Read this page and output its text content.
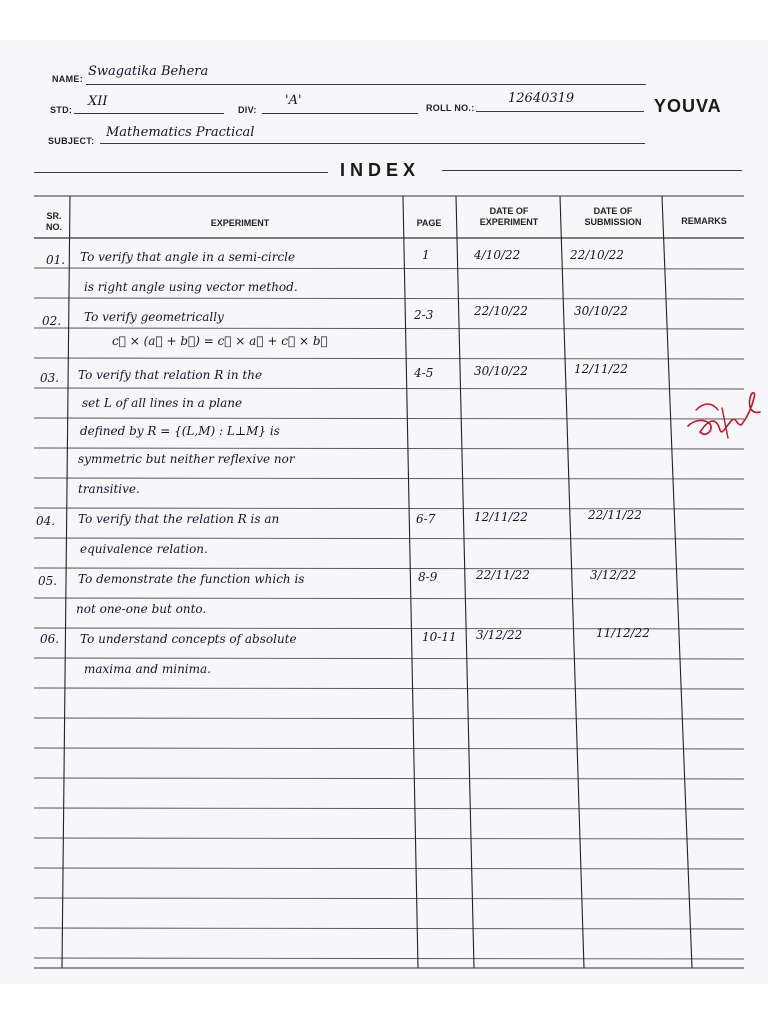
NAME: Swagatika Behera
STD:
XII
DIV:
'A'	ROLL NO.:
12640319	YOUVA
SUBJECT:
Mathematics Practical
INDEX
SR. NO.	EXPERIMENT	PAGE
DATE OF EXPERIMENT
DATE OF SUBMISSION	REMARKS
01. To verify that angle in a semi-circle
is right angle using vector method.
1	4/10/22	22/10/22
02. To verify geometrically
c⃗ × (a⃗ + b⃗) = c⃗ × a⃗ + c⃗ × b⃗
2-3	22/10/22	30/10/22
03. To verify that relation R in the
set L of all lines in a plane
defined by R = {(L,M) : L⊥M} is
symmetric but neither reflexive nor
transitive.
4-5	30/10/22	12/11/22
04. To verify that the relation R is an
equivalence relation.
6-7	12/11/22	22/11/22
05. To demonstrate the function which is
not one-one but onto.
8-9	22/11/22	3/12/22
06. To understand concepts of absolute
maxima and minima.
10-11 3/12/22	11/12/22
